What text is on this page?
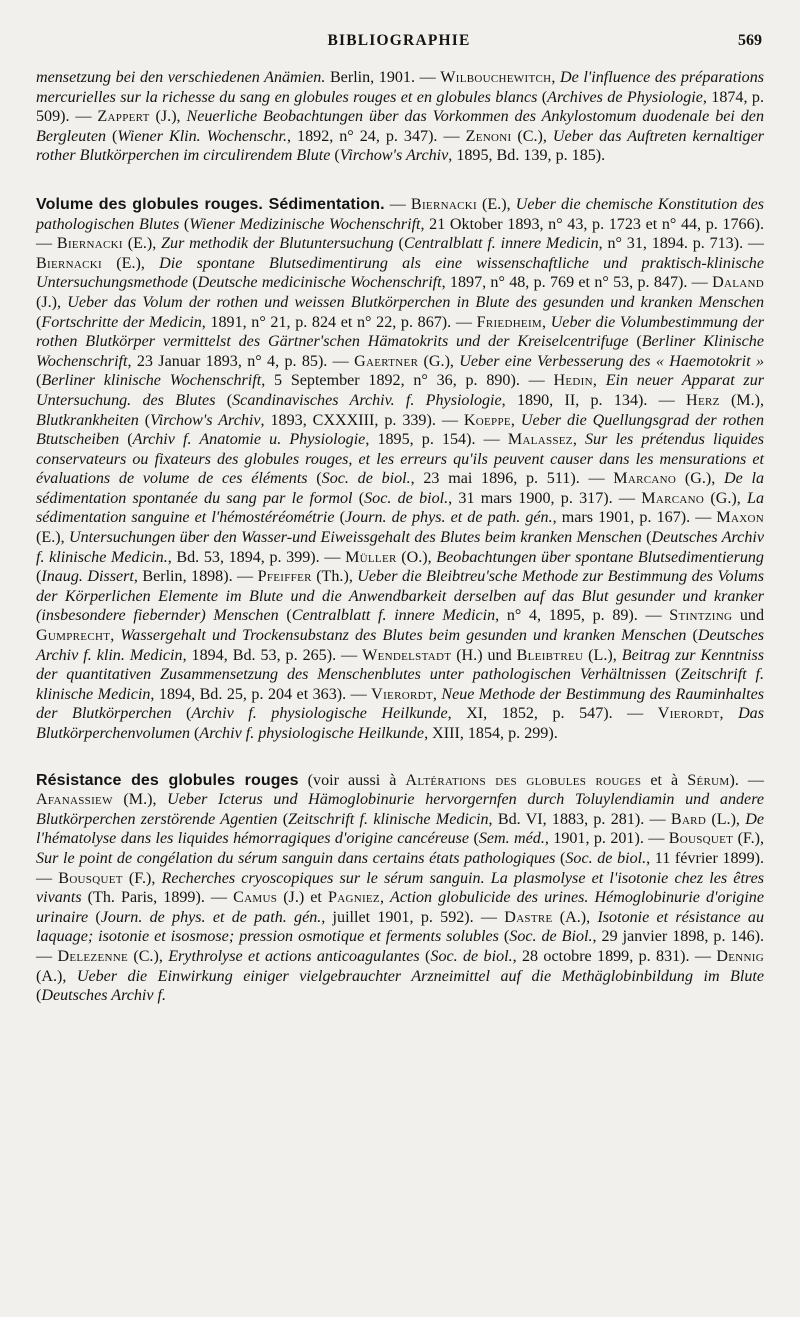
BIBLIOGRAPHIE	569

mensetzung bei den verschiedenen Anämien. Berlin, 1901. — Wilbouchewitch, De l'influence des préparations mercurielles sur la richesse du sang en globules rouges et en globules blancs (Archives de Physiologie, 1874, p. 509). — Zappert (J.), Neuerliche Beobachtungen über das Vorkommen des Ankylostomum duodenale bei den Bergleuten (Wiener Klin. Wochenschr., 1892, n° 24, p. 347). — Zenoni (C.), Ueber das Auftreten kernaltiger rother Blutkörperchen im circulirendem Blute (Virchow's Archiv, 1895, Bd. 139, p. 185).

Volume des globules rouges. Sédimentation. — Biernacki (E.), Ueber die chemische Konstitution des pathologischen Blutes (Wiener Medizinische Wochenschrift, 21 Oktober 1893, n° 43, p. 1723 et n° 44, p. 1766). — Biernacki (E.), Zur methodik der Blutuntersuchung (Centralblatt f. innere Medicin, n° 31, 1894. p. 713). — Biernacki (E.), Die spontane Blutsedimentirung als eine wissenschaftliche und praktisch-klinische Untersuchungsmethode (Deutsche medicinische Wochenschrift, 1897, n° 48, p. 769 et n° 53, p. 847). — Daland (J.), Ueber das Volum der rothen und weissen Blutkörperchen in Blute des gesunden und kranken Menschen (Fortschritte der Medicin, 1891, n° 21, p. 824 et n° 22, p. 867). — Friedheim, Ueber die Volumbestimmung der rothen Blutkörper vermittelst des Gärtner'schen Hämatokrits und der Kreiselcentrifuge (Berliner Klinische Wochenschrift, 23 Januar 1893, n° 4, p. 85). — Gaertner (G.), Ueber eine Verbesserung des « Haemotokrit » (Berliner klinische Wochenschrift, 5 September 1892, n° 36, p. 890). — Hedin, Ein neuer Apparat zur Untersuchung. des Blutes (Scandinavisches Archiv. f. Physiologie, 1890, II, p. 134). — Herz (M.), Blutkrankheiten (Virchow's Archiv, 1893, CXXXIII, p. 339). — Koeppe, Ueber die Quellungsgrad der rothen Btutscheiben (Archiv f. Anatomie u. Physiologie, 1895, p. 154). — Malassez, Sur les prétendus liquides conservateurs ou fixateurs des globules rouges, et les erreurs qu'ils peuvent causer dans les mensurations et évaluations de volume de ces éléments (Soc. de biol., 23 mai 1896, p. 511). — Marcano (G.), De la sédimentation spontanée du sang par le formol (Soc. de biol., 31 mars 1900, p. 317). — Marcano (G.), La sédimentation sanguine et l'hémostéréométrie (Journ. de phys. et de path. gén., mars 1901, p. 167). — Maxon (E.), Untersuchungen über den Wasser-und Eiweissgehalt des Blutes beim kranken Menschen (Deutsches Archiv f. klinische Medicin., Bd. 53, 1894, p. 399). — Müller (O.), Beobachtungen über spontane Blutsedimentierung (Inaug. Dissert, Berlin, 1898). — Pfeiffer (Th.), Ueber die Bleibtreu'sche Methode zur Bestimmung des Volums der Körperlichen Elemente im Blute und die Anwendbarkeit derselben auf das Blut gesunder und kranker (insbesondere fiebernder) Menschen (Centralblatt f. innere Medicin, n° 4, 1895, p. 89). — Stintzing und Gumprecht, Wassergehalt und Trockensubstanz des Blutes beim gesunden und kranken Menschen (Deutsches Archiv f. klin. Medicin, 1894, Bd. 53, p. 265). — Wendelstadt (H.) und Bleibtreu (L.), Beitrag zur Kenntniss der quantitativen Zusammensetzung des Menschenblutes unter pathologischen Verhältnissen (Zeitschrift f. klinische Medicin, 1894, Bd. 25, p. 204 et 363). — Vierordt, Neue Methode der Bestimmung des Rauminhaltes der Blutkörperchen (Archiv f. physiologische Heilkunde, XI, 1852, p. 547). — Vierordt, Das Blutkörperchenvolumen (Archiv f. physiologische Heilkunde, XIII, 1854, p. 299).

Résistance des globules rouges (voir aussi à Altérations des globules rouges et à Sérum). — Afanassiew (M.), Ueber Icterus und Hämoglobinurie hervorgernfen durch Toluylendiamin und andere Blutkörperchen zerstörende Agentien (Zeitschrift f. klinische Medicin, Bd. VI, 1883, p. 281). — Bard (L.), De l'hématolyse dans les liquides hémorragiques d'origine cancéreuse (Sem. méd., 1901, p. 201). — Bousquet (F.), Sur le point de congélation du sérum sanguin dans certains états pathologiques (Soc. de biol., 11 février 1899). — Bousquet (F.), Recherches cryoscopiques sur le sérum sanguin. La plasmolyse et l'isotonie chez les êtres vivants (Th. Paris, 1899). — Camus (J.) et Pagniez, Action globulicide des urines. Hémoglobinurie d'origine urinaire (Journ. de phys. et de path. gén., juillet 1901, p. 592). — Dastre (A.), Isotonie et résistance au laquage; isotonie et isosmose; pression osmotique et ferments solubles (Soc. de Biol., 29 janvier 1898, p. 146). — Delezenne (C.), Erythrolyse et actions anticoagulantes (Soc. de biol., 28 octobre 1899, p. 831). — Dennig (A.), Ueber die Einwirkung einiger vielgebrauchter Arzneimittel auf die Methäglobinbildung im Blute (Deutsches Archiv f.
